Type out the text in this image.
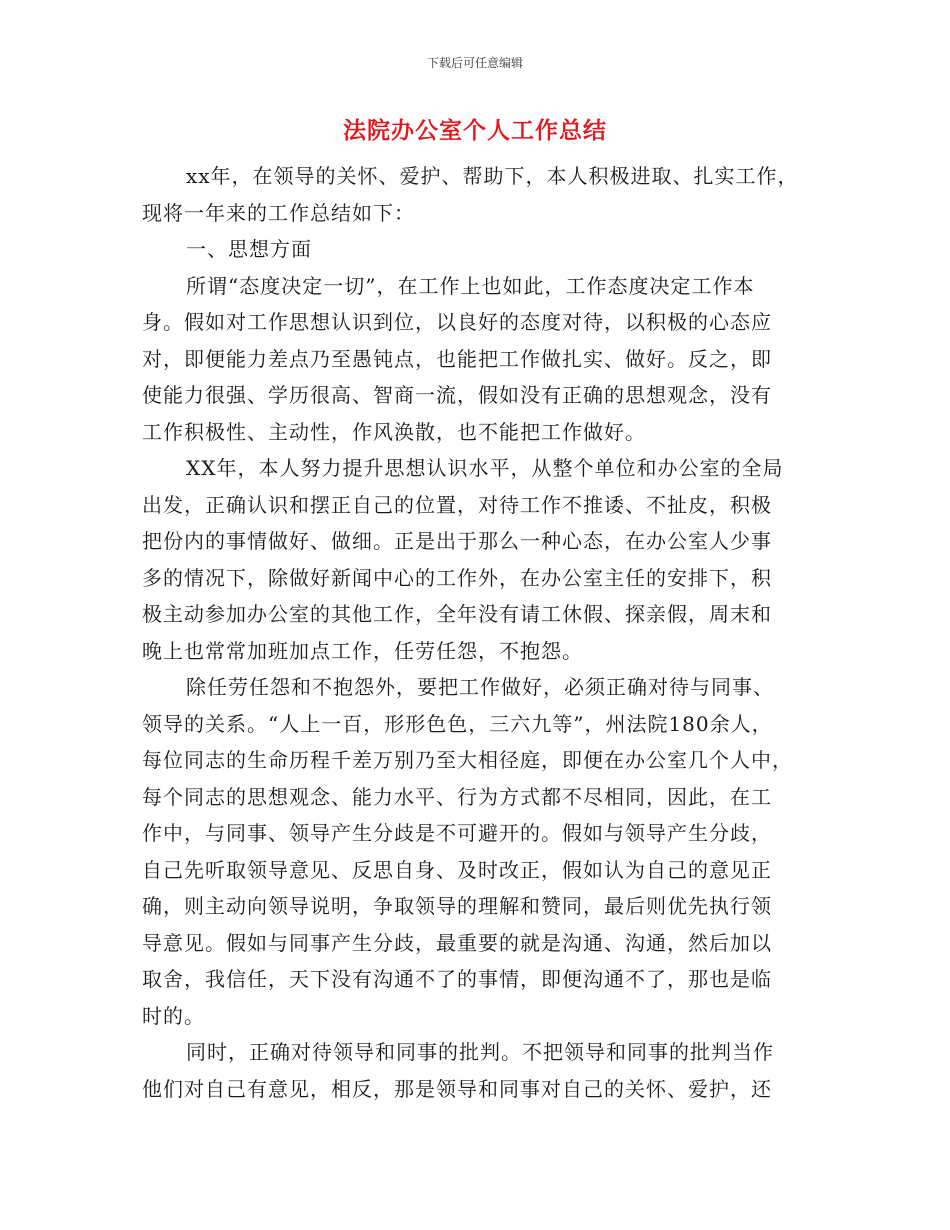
下载后可任意编辑
法院办公室个人工作总结
xx年，在领导的关怀、爱护、帮助下，本人积极进取、扎实工作，
现将一年来的工作总结如下：
一、思想方面
所谓“态度决定一切”，在工作上也如此，工作态度决定工作本
身。假如对工作思想认识到位，以良好的态度对待，以积极的心态应
对，即便能力差点乃至愚钝点，也能把工作做扎实、做好。反之，即
使能力很强、学历很高、智商一流，假如没有正确的思想观念，没有
工作积极性、主动性，作风涣散，也不能把工作做好。
XX年，本人努力提升思想认识水平，从整个单位和办公室的全局
出发，正确认识和摆正自己的位置，对待工作不推诿、不扯皮，积极
把份内的事情做好、做细。正是出于那么一种心态，在办公室人少事
多的情况下，除做好新闻中心的工作外，在办公室主任的安排下，积
极主动参加办公室的其他工作，全年没有请工休假、探亲假，周末和
晚上也常常加班加点工作，任劳任怨，不抱怨。
除任劳任怨和不抱怨外，要把工作做好，必须正确对待与同事、
领导的关系。“人上一百，形形色色，三六九等”，州法院180余人，
每位同志的生命历程千差万别乃至大相径庭，即便在办公室几个人中，
每个同志的思想观念、能力水平、行为方式都不尽相同，因此，在工
作中，与同事、领导产生分歧是不可避开的。假如与领导产生分歧，
自己先听取领导意见、反思自身、及时改正，假如认为自己的意见正
确，则主动向领导说明，争取领导的理解和赞同，最后则优先执行领
导意见。假如与同事产生分歧，最重要的就是沟通、沟通，然后加以
取舍，我信任，天下没有沟通不了的事情，即便沟通不了，那也是临
时的。
同时，正确对待领导和同事的批判。不把领导和同事的批判当作
他们对自己有意见，相反，那是领导和同事对自己的关怀、爱护，还
